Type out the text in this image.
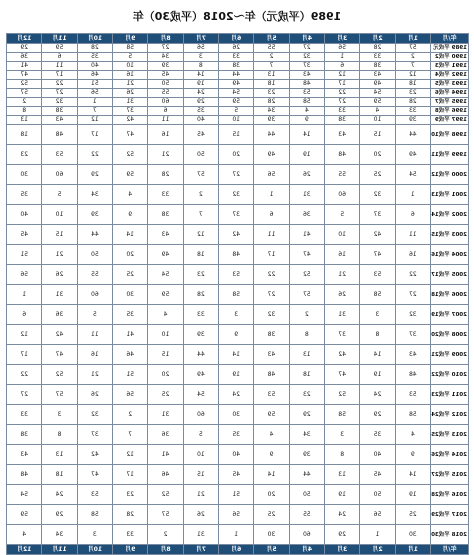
1989（平成元）年〜2018（平成30）年
年/月	1月	2月	3月	4月	5月	6月	7月	8月	9月	10月	11月	12月
1989 平成元	57	28	56	27	55	26	56	27	58	28	59	29
1990 平成2	2	33	1	32	2	33	3	34	5	35	6	36
1991 平成3	7	38	6	37	7	38	8	39	10	40	11	41
1992 平成4	12	43	12	43	13	44	14	45	16	46	17	47
1993 平成5	18	49	17	48	18	49	19	50	21	51	22	52
1994 平成6	23	54	22	53	23	54	24	55	26	56	27	57
1995 平成7	28	59	27	58	28	59	29	60	31	1	32	2
1996 平成8	33	4	33	4	34	5	35	6	37	7	38	8
1997 平成9	39	10	38	9	39	10	40	11	42	12	43	13
1998 平成10	44	15	43	14	44	15	45	16	47	17	48	18
1999 平成11	49	20	48	19	49	20	50	21	52	22	53	23
2000 平成12	54	25	55	26	56	27	57	28	59	29	60	30
2001 平成13	1	32	60	31	1	32	2	33	4	34	5	35
2002 平成14	6	37	5	36	6	37	7	38	9	39	10	40
2003 平成15	11	42	10	41	11	42	12	43	14	44	15	45
2004 平成16	16	47	16	47	17	48	18	49	20	50	21	51
2005 平成17	22	53	21	52	22	53	23	54	25	55	26	56
2006 平成18	27	58	26	57	27	58	28	59	30	60	31	1
2007 平成19	32	3	31	2	32	3	33	4	35	5	36	6
2008 平成20	37	8	37	8	38	9	39	10	41	11	42	12
2009 平成21	43	14	42	13	43	14	44	15	46	16	47	17
2010 平成22	48	19	47	18	48	19	49	20	51	21	52	22
2011 平成23	53	24	52	23	53	24	54	25	56	26	57	27
2012 平成24	58	29	58	29	59	30	60	31	2	32	3	33
2013 平成25	4	35	3	34	4	35	5	36	7	37	8	38
2014 平成26	9	40	8	39	9	40	10	41	12	42	13	43
2015 平成27	14	45	13	44	14	45	15	46	17	47	18	48
2016 平成28	19	50	19	50	20	51	21	52	23	53	24	54
2017 平成29	25	56	24	55	25	56	26	57	28	58	29	59
2018 平成30	30	1	29	60	30	1	31	2	33	3	34	4
年/月	1月	2月	3月	4月	5月	6月	7月	8月	9月	10月	11月	12月
